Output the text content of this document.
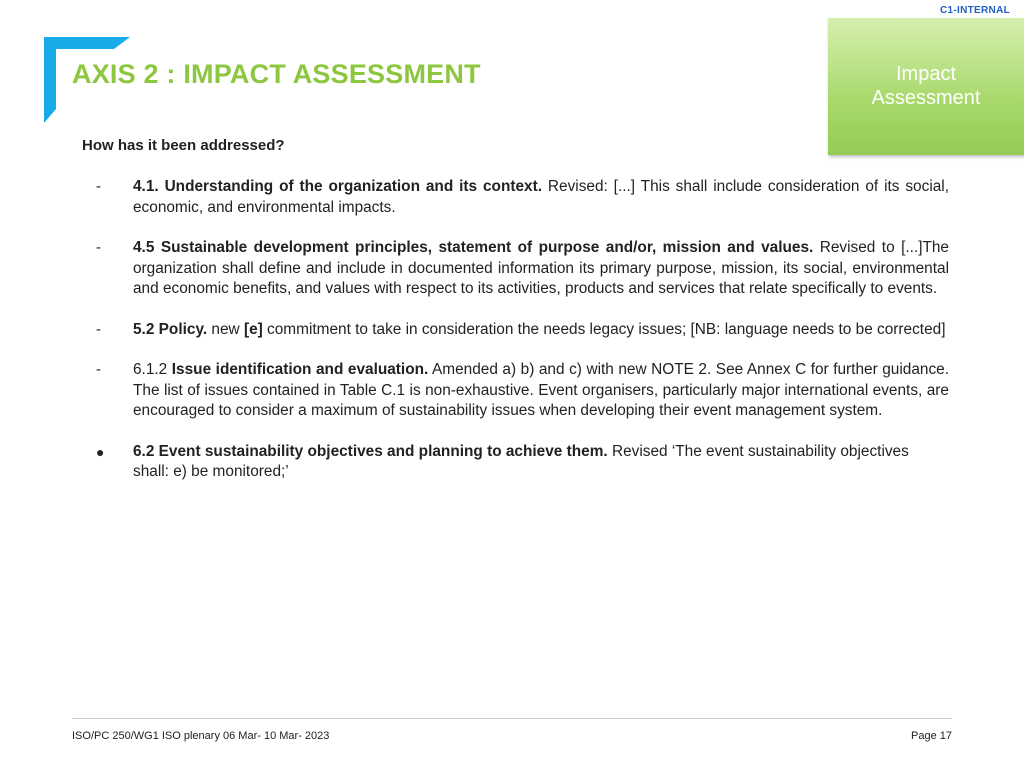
C1-INTERNAL
AXIS 2 : IMPACT ASSESSMENT	Impact Assessment
How has it been addressed?
-	4.1. Understanding of the organization and its context. Revised: [...] This shall include consideration of its social, economic, and environmental impacts.
-	4.5 Sustainable development principles, statement of purpose and/or, mission and values. Revised to [...]The organization shall define and include in documented information its primary purpose, mission, its social, environmental and economic benefits, and values with respect to its activities, products and services that relate specifically to events.
-	5.2 Policy. new [e] commitment to take in consideration the needs legacy issues; [NB: language needs to be corrected]
-	6.1.2 Issue identification and evaluation. Amended a) b) and c) with new NOTE 2. See Annex C for further guidance. The list of issues contained in Table C.1 is non-exhaustive. Event organisers, particularly major international events, are encouraged to consider a maximum of sustainability issues when developing their event management system.
●	6.2 Event sustainability objectives and planning to achieve them. Revised ‘The event sustainability objectives shall: e) be monitored;’
ISO/PC 250/WG1 ISO plenary 06 Mar- 10 Mar- 2023	Page 17
